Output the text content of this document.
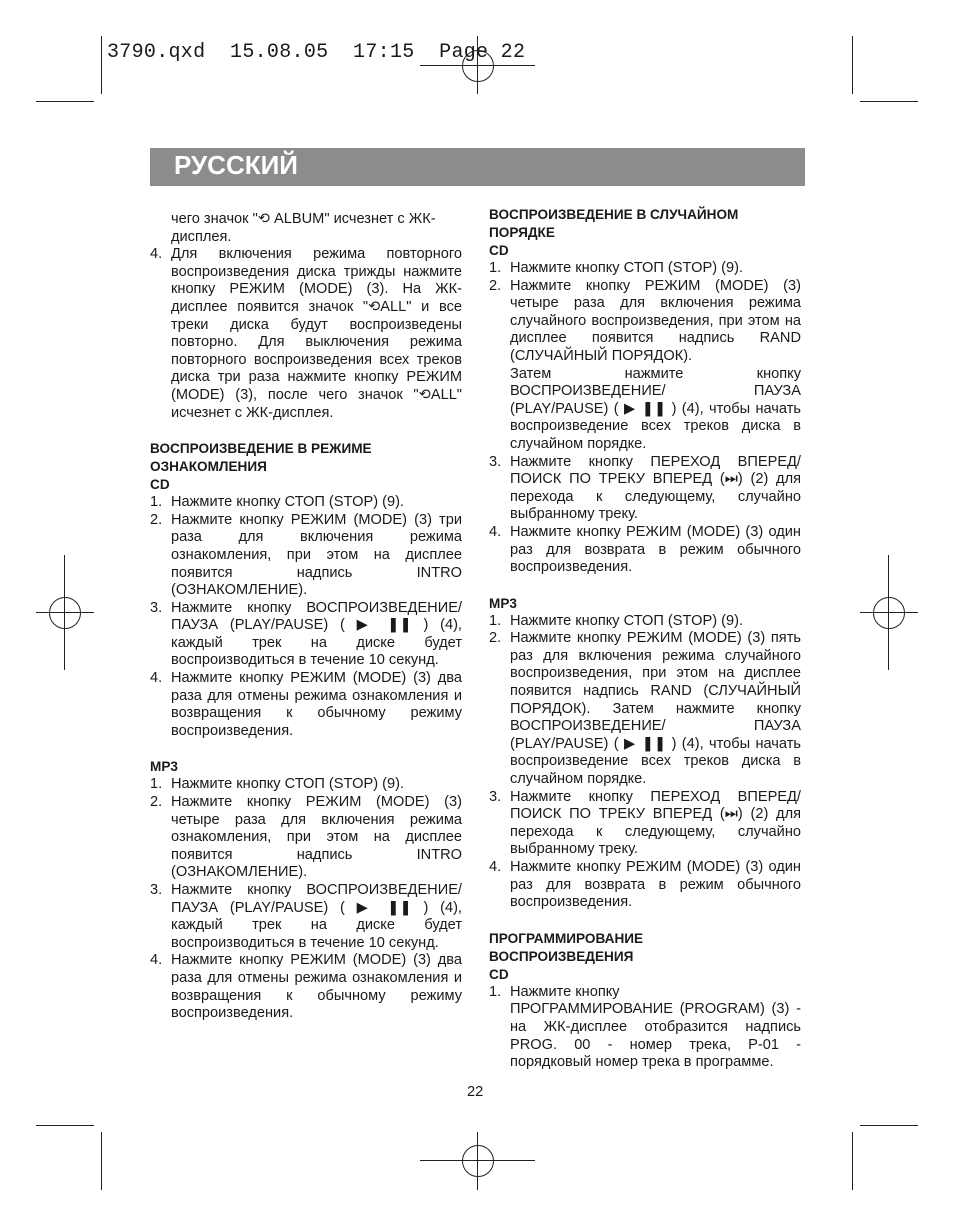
3790.qxd  15.08.05  17:15  Page 22
РУССКИЙ
чего значок "⟲ ALBUM" исчезнет с ЖК-
дисплея.
4. Для включения режима повторного воспроизведения диска трижды нажмите кнопку РЕЖИМ (MODE) (3). На ЖК-дисплее появится значок "⟲ALL" и все треки диска будут воспроизведены повторно. Для выключения режима повторного воспроизведения всех треков диска три раза нажмите кнопку РЕЖИМ (MODE) (3), после чего значок "⟲ALL" исчезнет с ЖК-дисплея.
ВОСПРОИЗВЕДЕНИЕ В РЕЖИМЕ
ОЗНАКОМЛЕНИЯ
CD
1. Нажмите кнопку СТОП (STOP) (9).
2. Нажмите кнопку РЕЖИМ (MODE) (3) три раза для включения режима ознакомления, при этом на дисплее появится надпись INTRO (ОЗНАКОМЛЕНИЕ).
3. Нажмите кнопку ВОСПРОИЗВЕДЕНИЕ/ ПАУЗА (PLAY/PAUSE) ( ▶ ❚❚ ) (4), каждый трек на диске будет воспроизводиться в течение 10 секунд.
4. Нажмите кнопку РЕЖИМ (MODE) (3) два раза для отмены режима ознакомления и возвращения к обычному режиму воспроизведения.
MP3
1. Нажмите кнопку СТОП (STOP) (9).
2. Нажмите кнопку РЕЖИМ (MODE) (3) четыре раза для включения режима ознакомления, при этом на дисплее появится надпись INTRO (ОЗНАКОМЛЕНИЕ).
3. Нажмите кнопку ВОСПРОИЗВЕДЕНИЕ/ ПАУЗА (PLAY/PAUSE) ( ▶ ❚❚ ) (4), каждый трек на диске будет воспроизводиться в течение 10 секунд.
4. Нажмите кнопку РЕЖИМ (MODE) (3) два раза для отмены режима ознакомления и возвращения к обычному режиму воспроизведения.
ВОСПРОИЗВЕДЕНИЕ В СЛУЧАЙНОМ
ПОРЯДКЕ
CD
1. Нажмите кнопку СТОП (STOP) (9).
2. Нажмите кнопку РЕЖИМ (MODE) (3) четыре раза для включения режима случайного воспроизведения, при этом на дисплее появится надпись RAND (СЛУЧАЙНЫЙ ПОРЯДОК).
Затем нажмите кнопку ВОСПРОИЗВЕДЕНИЕ/ ПАУЗА (PLAY/PAUSE) ( ▶ ❚❚ ) (4), чтобы начать воспроизведение всех треков диска в случайном порядке.
3. Нажмите кнопку ПЕРЕХОД ВПЕРЕД/ ПОИСК ПО ТРЕКУ ВПЕРЕД (⏭) (2) для перехода к следующему, случайно выбранному треку.
4. Нажмите кнопку РЕЖИМ (MODE) (3) один раз для возврата в режим обычного воспроизведения.
MP3
1. Нажмите кнопку СТОП (STOP) (9).
2. Нажмите кнопку РЕЖИМ (MODE) (3) пять раз для включения режима случайного воспроизведения, при этом на дисплее появится надпись RAND (СЛУЧАЙНЫЙ ПОРЯДОК). Затем нажмите кнопку ВОСПРОИЗВЕДЕНИЕ/ ПАУЗА (PLAY/PAUSE) ( ▶ ❚❚ ) (4), чтобы начать воспроизведение всех треков диска в случайном порядке.
3. Нажмите кнопку ПЕРЕХОД ВПЕРЕД/ ПОИСК ПО ТРЕКУ ВПЕРЕД (⏭) (2) для перехода к следующему, случайно выбранному треку.
4. Нажмите кнопку РЕЖИМ (MODE) (3) один раз для возврата в режим обычного воспроизведения.
ПРОГРАММИРОВАНИЕ
ВОСПРОИЗВЕДЕНИЯ
CD
1. Нажмите кнопку
ПРОГРАММИРОВАНИЕ (PROGRAM) (3) - на ЖК-дисплее отобразится надпись PROG. 00 - номер трека, P-01 - порядковый номер трека в программе.
22
